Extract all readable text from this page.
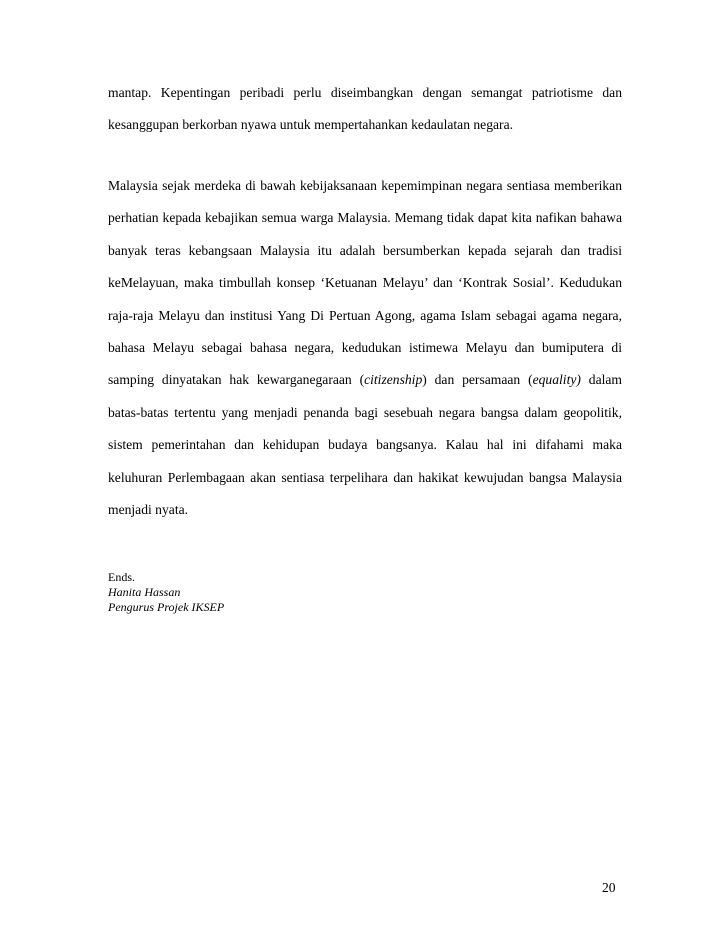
mantap. Kepentingan peribadi perlu diseimbangkan dengan semangat patriotisme dan kesanggupan berkorban nyawa untuk mempertahankan kedaulatan negara.

Malaysia sejak merdeka di bawah kebijaksanaan kepemimpinan negara sentiasa memberikan perhatian kepada kebajikan semua warga Malaysia. Memang tidak dapat kita nafikan bahawa banyak teras kebangsaan Malaysia itu adalah bersumberkan kepada sejarah dan tradisi keMelayuan, maka timbullah konsep ‘Ketuanan Melayu’ dan ‘Kontrak Sosial’. Kedudukan raja-raja Melayu dan institusi Yang Di Pertuan Agong, agama Islam sebagai agama negara, bahasa Melayu sebagai bahasa negara, kedudukan istimewa Melayu dan bumiputera di samping dinyatakan hak kewarganegaraan (citizenship) dan persamaan (equality) dalam batas-batas tertentu yang menjadi penanda bagi sesebuah negara bangsa dalam geopolitik, sistem pemerintahan dan kehidupan budaya bangsanya. Kalau hal ini difahami maka keluhuran Perlembagaan akan sentiasa terpelihara dan hakikat kewujudan bangsa Malaysia menjadi nyata.

Ends.
Hanita Hassan
Pengurus Projek IKSEP
20
